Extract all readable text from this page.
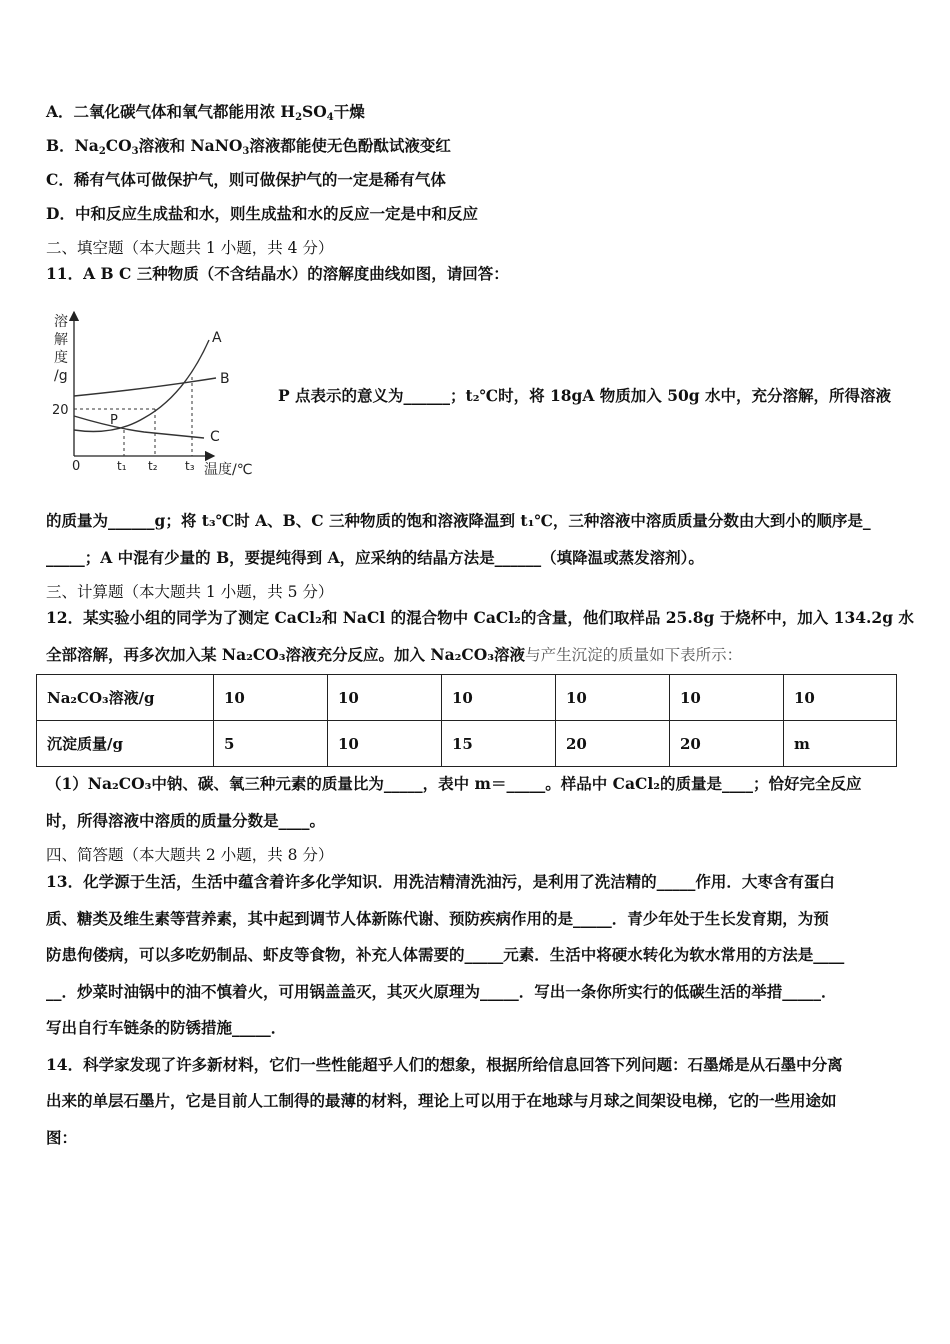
A．二氧化碳气体和氧气都能用浓 $H_2SO_4$干燥
B．$Na_2CO_3$溶液和 NaNO$_3$溶液都能使无色酚酞试液变红
C．稀有气体可做保护气，则可做保护气的一定是稀有气体
D．中和反应生成盐和水，则生成盐和水的反应一定是中和反应
二、填空题（本大题共 1 小题，共 4 分）
11．A B C 三种物质（不含结晶水）的溶解度曲线如图，请回答：
溶
解
度
/g
0
20
A
B
C
P
t₁ t₂ t₃ 温度/℃
P 点表示的意义为______；t₂℃时，将 18gA 物质加入 50g 水中，充分溶解，所得溶液
的质量为______g；将 t₃℃时 A、B、C 三种物质的饱和溶液降温到 t₁℃，三种溶液中溶质质量分数由大到小的顺序是_
_____；A 中混有少量的 B，要提纯得到 A，应采纳的结晶方法是______（填降温或蒸发溶剂）。
三、计算题（本大题共 1 小题，共 5 分）
12．某实验小组的同学为了测定 CaCl₂和 NaCl 的混合物中 CaCl₂的含量，他们取样品 25.8g 于烧杯中，加入 134.2g 水
全部溶解，再多次加入某 Na₂CO₃溶液充分反应。加入 Na₂CO₃溶液与产生沉淀的质量如下表所示：
Na₂CO₃溶液/g	10	10	10	10	10	10
沉淀质量/g	5	10	15	20	20	m
（1）Na₂CO₃中钠、碳、氧三种元素的质量比为_____，表中 m＝_____。样品中 CaCl₂的质量是____；恰好完全反应
时，所得溶液中溶质的质量分数是____。
四、简答题（本大题共 2 小题，共 8 分）
13．化学源于生活，生活中蕴含着许多化学知识．用洗洁精清洗油污，是利用了洗洁精的_____作用．大枣含有蛋白
质、糖类及维生素等营养素，其中起到调节人体新陈代谢、预防疾病作用的是_____．青少年处于生长发育期，为预
防患佝偻病，可以多吃奶制品、虾皮等食物，补充人体需要的_____元素．生活中将硬水转化为软水常用的方法是____
__．炒菜时油锅中的油不慎着火，可用锅盖盖灭，其灭火原理为_____．写出一条你所实行的低碳生活的举措_____．
写出自行车链条的防锈措施_____．
14．科学家发现了许多新材料，它们一些性能超乎人们的想象，根据所给信息回答下列问题：石墨烯是从石墨中分离
出来的单层石墨片，它是目前人工制得的最薄的材料，理论上可以用于在地球与月球之间架设电梯，它的一些用途如
图：
